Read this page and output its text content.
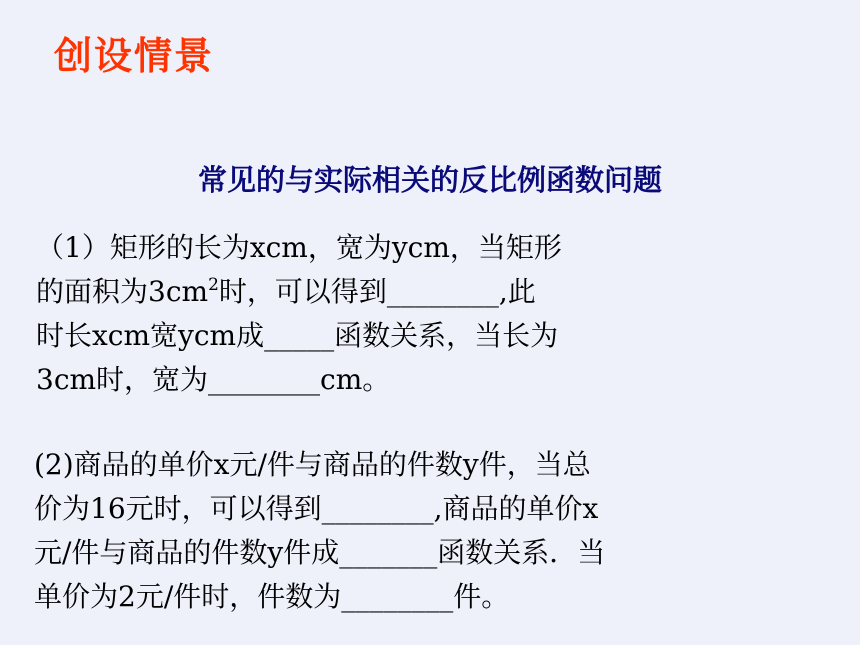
创设情景
常见的与实际相关的反比例函数问题
（1）矩形的长为xcm，宽为ycm，当矩形
的面积为$3cm^2$时，可以得到________,此
时长xcm宽ycm成_____函数关系，当长为
3cm时，宽为________cm。
(2)商品的单价x元/件与商品的件数y件，当总
价为16元时，可以得到________,商品的单价x
元/件与商品的件数y件成_______函数关系．当
单价为2元/件时，件数为________件。
